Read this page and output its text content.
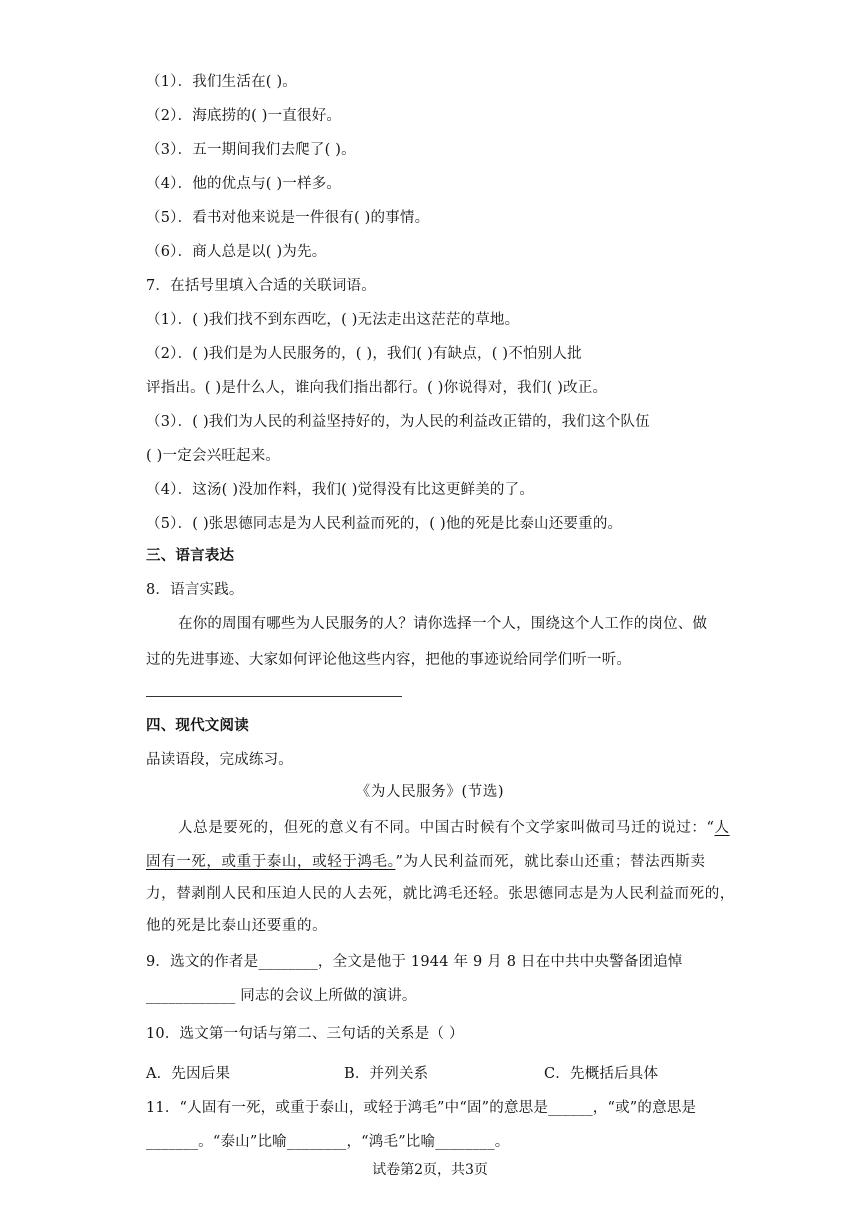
（1）．我们生活在( )。
（2）．海底捞的( )一直很好。
（3）．五一期间我们去爬了( )。
（4）．他的优点与( )一样多。
（5）．看书对他来说是一件很有( )的事情。
（6）．商人总是以( )为先。
7．在括号里填入合适的关联词语。
（1）．( )我们找不到东西吃，( )无法走出这茫茫的草地。
（2）．( )我们是为人民服务的，( )，我们( )有缺点，( )不怕别人批
评指出。( )是什么人，谁向我们指出都行。( )你说得对，我们( )改正。
（3）．( )我们为人民的利益坚持好的，为人民的利益改正错的，我们这个队伍
( )一定会兴旺起来。
（4）．这汤( )没加作料，我们( )觉得没有比这更鲜美的了。
（5）．( )张思德同志是为人民利益而死的，( )他的死是比泰山还要重的。
三、语言表达
8．语言实践。
在你的周围有哪些为人民服务的人？请你选择一个人，围绕这个人工作的岗位、做
过的先进事迹、大家如何评论他这些内容，把他的事迹说给同学们听一听。
四、现代文阅读
品读语段，完成练习。
《为人民服务》(节选)
人总是要死的，但死的意义有不同。中国古时候有个文学家叫做司马迁的说过：“人
固有一死，或重于泰山，或轻于鸿毛。”为人民利益而死，就比泰山还重；替法西斯卖
力，替剥削人民和压迫人民的人去死，就比鸿毛还轻。张思德同志是为人民利益而死的，
他的死是比泰山还要重的。
9．选文的作者是________，全文是他于 1944 年 9 月 8 日在中共中央警备团追悼
____________ 同志的会议上所做的演讲。
10．选文第一句话与第二、三句话的关系是（ ）
A．先因后果	B．并列关系	C．先概括后具体
11．“人固有一死，或重于泰山，或轻于鸿毛”中“固”的意思是______，“或”的意思是
_______。“泰山”比喻________，“鸿毛”比喻________。
试卷第2页，共3页
